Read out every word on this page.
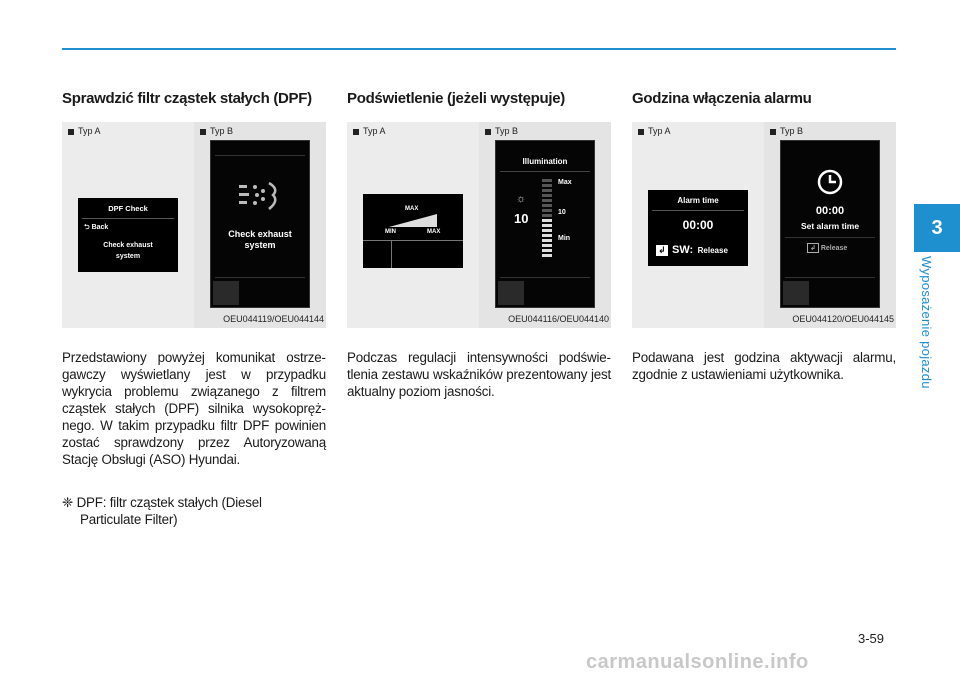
Sprawdzić filtr cząstek stałych (DPF)
Typ A
DPF Check
⮌ Back
Check exhaust
system
Typ B
Check exhaust
system
OEU044119/OEU044144

Przedstawiony powyżej komunikat ostrzegawczy wyświetlany jest w przypadku wykrycia problemu związanego z filtrem cząstek stałych (DPF) silnika wysokoprężnego. W takim przypadku filtr DPF powinien zostać sprawdzony przez Autoryzowaną Stację Obsługi (ASO) Hyundai.

❈ DPF: filtr cząstek stałych (Diesel
Particulate Filter)

Podświetlenie (jeżeli występuje)
Typ A
MAX
MIN	MAX
Typ B
Illumination
☼
10
Max
10
Min
OEU044116/OEU044140

Podczas regulacji intensywności podświetlenia zestawu wskaźników prezentowany jest aktualny poziom jasności.

Godzina włączenia alarmu
Typ A
Alarm time
00:00
↲ SW: Release
Typ B
00:00
Set alarm time
↲ Release
OEU044120/OEU044145

Podawana jest godzina aktywacji alarmu, zgodnie z ustawieniami użytkownika.

3
Wyposażenie pojazdu
3-59
carmanualsonline.info
